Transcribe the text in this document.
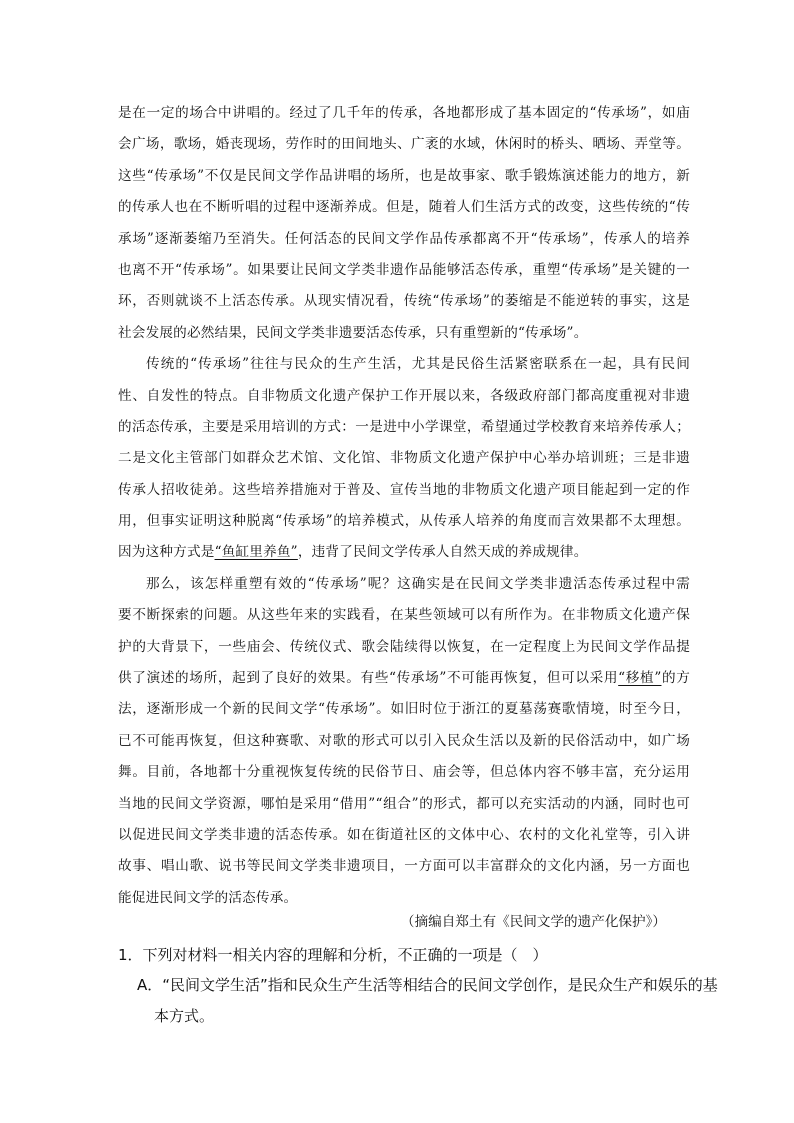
是在一定的场合中讲唱的。经过了几千年的传承，各地都形成了基本固定的“传承场”，如庙
会广场，歌场，婚丧现场，劳作时的田间地头、广袤的水域，休闲时的桥头、晒场、弄堂等。
这些“传承场”不仅是民间文学作品讲唱的场所，也是故事家、歌手锻炼演述能力的地方，新
的传承人也在不断听唱的过程中逐渐养成。但是，随着人们生活方式的改变，这些传统的“传
承场”逐渐萎缩乃至消失。任何活态的民间文学作品传承都离不开“传承场”，传承人的培养
也离不开“传承场”。如果要让民间文学类非遗作品能够活态传承，重塑“传承场”是关键的一
环，否则就谈不上活态传承。从现实情况看，传统“传承场”的萎缩是不能逆转的事实，这是
社会发展的必然结果，民间文学类非遗要活态传承，只有重塑新的“传承场”。
传统的“传承场”往往与民众的生产生活，尤其是民俗生活紧密联系在一起，具有民间
性、自发性的特点。自非物质文化遗产保护工作开展以来，各级政府部门都高度重视对非遗
的活态传承，主要是采用培训的方式：一是进中小学课堂，希望通过学校教育来培养传承人；
二是文化主管部门如群众艺术馆、文化馆、非物质文化遗产保护中心举办培训班；三是非遗
传承人招收徒弟。这些培养措施对于普及、宣传当地的非物质文化遗产项目能起到一定的作
用，但事实证明这种脱离“传承场”的培养模式，从传承人培养的角度而言效果都不太理想。
因为这种方式是“鱼缸里养鱼”，违背了民间文学传承人自然天成的养成规律。
那么，该怎样重塑有效的“传承场”呢？这确实是在民间文学类非遗活态传承过程中需
要不断探索的问题。从这些年来的实践看，在某些领域可以有所作为。在非物质文化遗产保
护的大背景下，一些庙会、传统仪式、歌会陆续得以恢复，在一定程度上为民间文学作品提
供了演述的场所，起到了良好的效果。有些“传承场”不可能再恢复，但可以采用“移植”的方
法，逐渐形成一个新的民间文学“传承场”。如旧时位于浙江的夏墓荡赛歌情境，时至今日，
已不可能再恢复，但这种赛歌、对歌的形式可以引入民众生活以及新的民俗活动中，如广场
舞。目前，各地都十分重视恢复传统的民俗节日、庙会等，但总体内容不够丰富，充分运用
当地的民间文学资源，哪怕是采用“借用”“组合”的形式，都可以充实活动的内涵，同时也可
以促进民间文学类非遗的活态传承。如在街道社区的文体中心、农村的文化礼堂等，引入讲
故事、唱山歌、说书等民间文学类非遗项目，一方面可以丰富群众的文化内涵，另一方面也
能促进民间文学的活态传承。
（摘编自郑土有《民间文学的遗产化保护》）
1．下列对材料一相关内容的理解和分析，不正确的一项是（　）
A．“民间文学生活”指和民众生产生活等相结合的民间文学创作，是民众生产和娱乐的基
本方式。
